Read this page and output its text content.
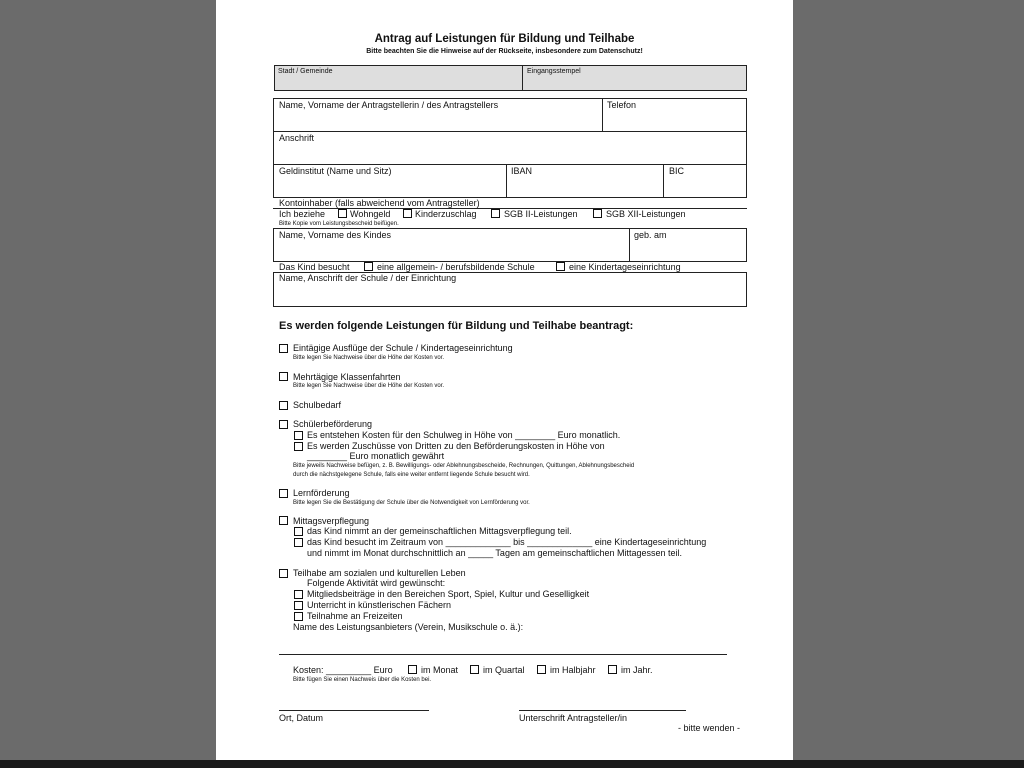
Antrag auf Leistungen für Bildung und Teilhabe
Bitte beachten Sie die Hinweise auf der Rückseite, insbesondere zum Datenschutz!
Stadt / Gemeinde	Eingangsstempel
Name, Vorname der Antragstellerin / des Antragstellers	Telefon
Anschrift
Geldinstitut (Name und Sitz)	IBAN	BIC
Kontoinhaber (falls abweichend vom Antragsteller)
Ich beziehe	Wohngeld	Kinderzuschlag	SGB II-Leistungen	SGB XII-Leistungen
Bitte Kopie vom Leistungsbescheid beifügen.
Name, Vorname des Kindes	geb. am
Das Kind besucht	eine allgemein- / berufsbildende Schule	eine Kindertageseinrichtung
Name, Anschrift der Schule / der Einrichtung
Es werden folgende Leistungen für Bildung und Teilhabe beantragt:
Eintägige Ausflüge der Schule / Kindertageseinrichtung
Bitte legen Sie Nachweise über die Höhe der Kosten vor.
Mehrtägige Klassenfahrten
Bitte legen Sie Nachweise über die Höhe der Kosten vor.
Schulbedarf
Schülerbeförderung
Es entstehen Kosten für den Schulweg in Höhe von ________ Euro monatlich.
Es werden Zuschüsse von Dritten zu den Beförderungskosten in Höhe von
________ Euro monatlich gewährt
Bitte jeweils Nachweise befügen, z. B. Bewilligungs- oder Ablehnungsbescheide, Rechnungen, Quittungen, Ablehnungsbescheid
durch die nächstgelegene Schule, falls eine weiter entfernt liegende Schule besucht wird.
Lernförderung
Bitte legen Sie die Bestätigung der Schule über die Notwendigkeit von Lernförderung vor.
Mittagsverpflegung
das Kind nimmt an der gemeinschaftlichen Mittagsverpflegung teil.
das Kind besucht im Zeitraum von _____________ bis _____________ eine Kindertageseinrichtung
und nimmt im Monat durchschnittlich an _____ Tagen am gemeinschaftlichen Mittagessen teil.
Teilhabe am sozialen und kulturellen Leben
Folgende Aktivität wird gewünscht:
Mitgliedsbeiträge in den Bereichen Sport, Spiel, Kultur und Geselligkeit
Unterricht in künstlerischen Fächern
Teilnahme an Freizeiten
Name des Leistungsanbieters (Verein, Musikschule o. ä.):
Kosten: _________ Euro	im Monat	im Quartal	im Halbjahr	im Jahr.
Bitte fügen Sie einen Nachweis über die Kosten bei.
Ort, Datum	Unterschrift Antragsteller/in
- bitte wenden -
